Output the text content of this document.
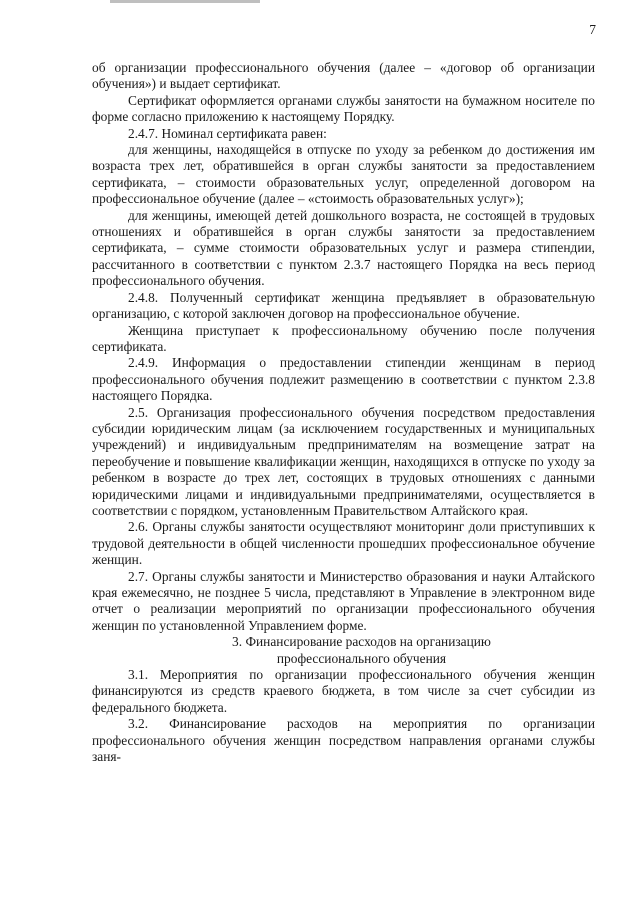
7

об организации профессионального обучения (далее – «договор об организации обучения») и выдает сертификат.

Сертификат оформляется органами службы занятости на бумажном носителе по форме согласно приложению к настоящему Порядку.

2.4.7. Номинал сертификата равен:

для женщины, находящейся в отпуске по уходу за ребенком до достижения им возраста трех лет, обратившейся в орган службы занятости за предоставлением сертификата, – стоимости образовательных услуг, определенной договором на профессиональное обучение (далее – «стоимость образовательных услуг»);

для женщины, имеющей детей дошкольного возраста, не состоящей в трудовых отношениях и обратившейся в орган службы занятости за предоставлением сертификата, – сумме стоимости образовательных услуг и размера стипендии, рассчитанного в соответствии с пунктом 2.3.7 настоящего Порядка на весь период профессионального обучения.

2.4.8. Полученный сертификат женщина предъявляет в образовательную организацию, с которой заключен договор на профессиональное обучение.

Женщина приступает к профессиональному обучению после получения сертификата.

2.4.9. Информация о предоставлении стипендии женщинам в период профессионального обучения подлежит размещению в соответствии с пунктом 2.3.8 настоящего Порядка.

2.5. Организация профессионального обучения посредством предоставления субсидии юридическим лицам (за исключением государственных и муниципальных учреждений) и индивидуальным предпринимателям на возмещение затрат на переобучение и повышение квалификации женщин, находящихся в отпуске по уходу за ребенком в возрасте до трех лет, состоящих в трудовых отношениях с данными юридическими лицами и индивидуальными предпринимателями, осуществляется в соответствии с порядком, установленным Правительством Алтайского края.

2.6. Органы службы занятости осуществляют мониторинг доли приступивших к трудовой деятельности в общей численности прошедших профессиональное обучение женщин.

2.7. Органы службы занятости и Министерство образования и науки Алтайского края ежемесячно, не позднее 5 числа, представляют в Управление в электронном виде отчет о реализации мероприятий по организации профессионального обучения женщин по установленной Управлением форме.

3. Финансирование расходов на организацию
профессионального обучения

3.1. Мероприятия по организации профессионального обучения женщин финансируются из средств краевого бюджета, в том числе за счет субсидии из федерального бюджета.

3.2. Финансирование расходов на мероприятия по организации профессионального обучения женщин посредством направления органами службы заня-
